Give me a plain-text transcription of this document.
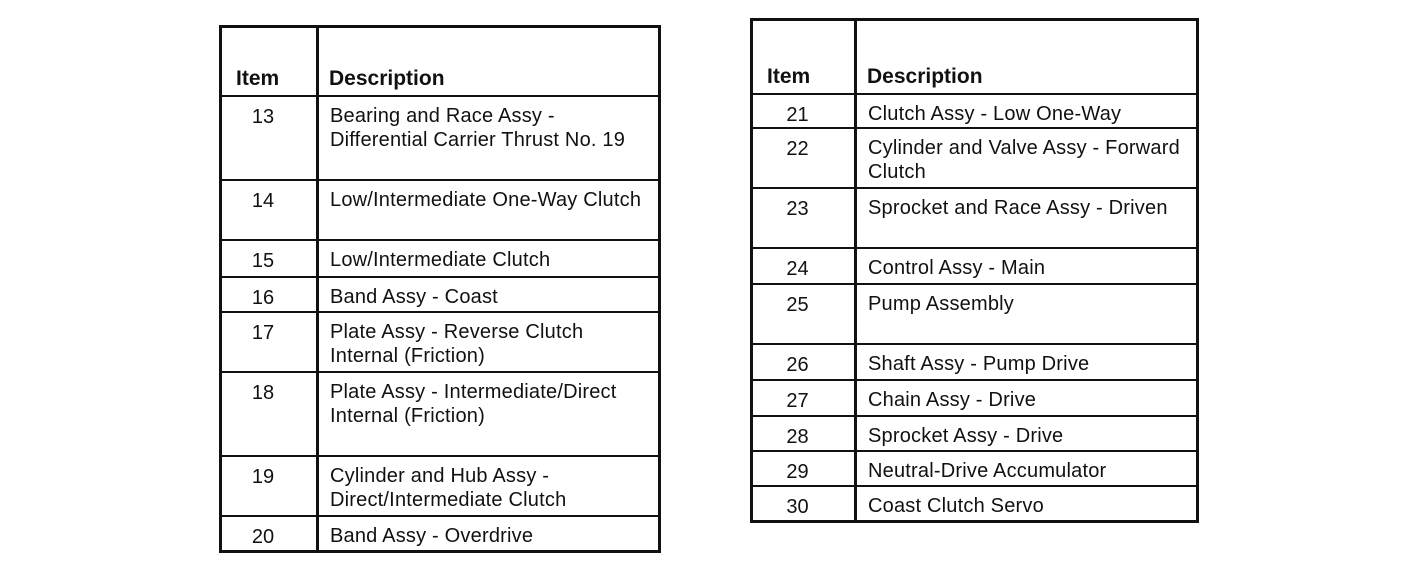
Item	Description
13	Bearing and Race Assy - Differential Carrier Thrust No. 19
14	Low/Intermediate One-Way Clutch
15	Low/Intermediate Clutch
16	Band Assy - Coast
17	Plate Assy - Reverse Clutch Internal (Friction)
18	Plate Assy - Intermediate/Direct Internal (Friction)
19	Cylinder and Hub Assy - Direct/Intermediate Clutch
20	Band Assy - Overdrive
Item	Description
21	Clutch Assy - Low One-Way
22	Cylinder and Valve Assy - Forward Clutch
23	Sprocket and Race Assy - Driven
24	Control Assy - Main
25	Pump Assembly
26	Shaft Assy - Pump Drive
27	Chain Assy - Drive
28	Sprocket Assy - Drive
29	Neutral-Drive Accumulator
30	Coast Clutch Servo
